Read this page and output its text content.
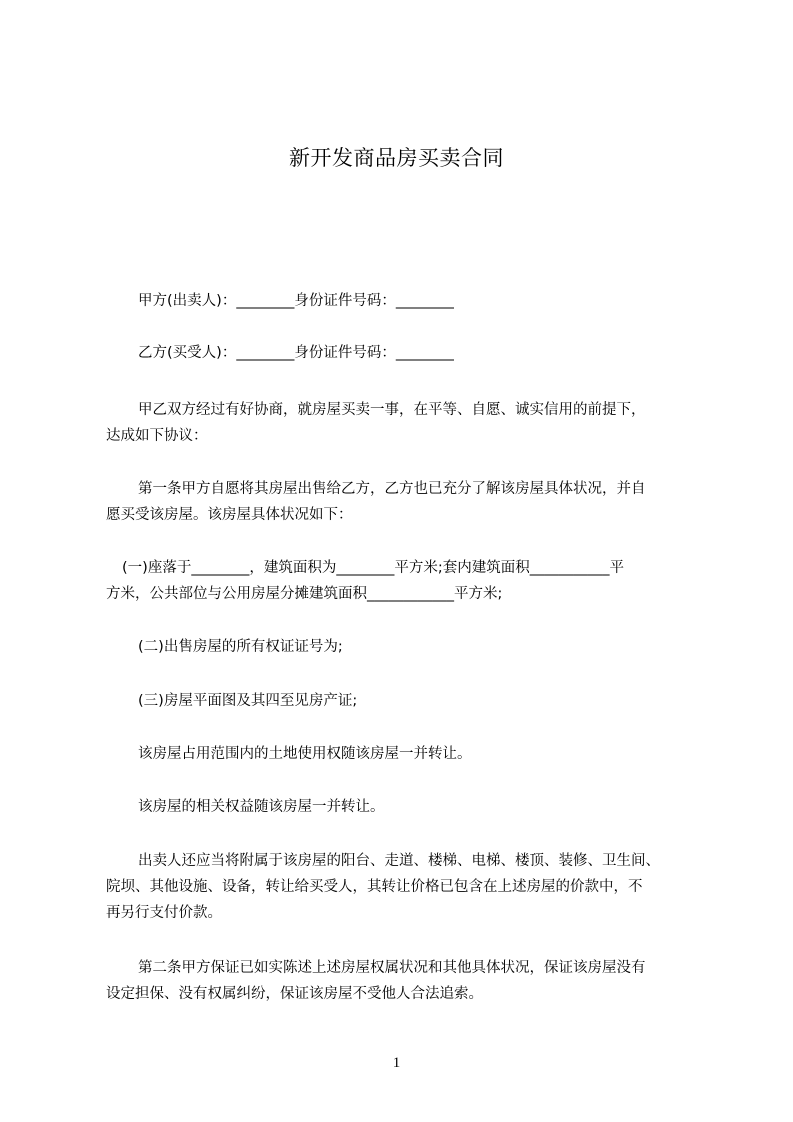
新开发商品房买卖合同
甲方(出卖人)：________身份证件号码：________
乙方(买受人)：________身份证件号码：________
甲乙双方经过有好协商，就房屋买卖一事，在平等、自愿、诚实信用的前提下，
达成如下协议：
第一条甲方自愿将其房屋出售给乙方，乙方也已充分了解该房屋具体状况，并自
愿买受该房屋。该房屋具体状况如下：
(一)座落于________，建筑面积为________平方米;套内建筑面积___________平
方米，公共部位与公用房屋分摊建筑面积____________平方米;
(二)出售房屋的所有权证证号为;
(三)房屋平面图及其四至见房产证;
该房屋占用范围内的土地使用权随该房屋一并转让。
该房屋的相关权益随该房屋一并转让。
出卖人还应当将附属于该房屋的阳台、走道、楼梯、电梯、楼顶、装修、卫生间、
院坝、其他设施、设备，转让给买受人，其转让价格已包含在上述房屋的价款中，不
再另行支付价款。
第二条甲方保证已如实陈述上述房屋权属状况和其他具体状况，保证该房屋没有
设定担保、没有权属纠纷，保证该房屋不受他人合法追索。
1
